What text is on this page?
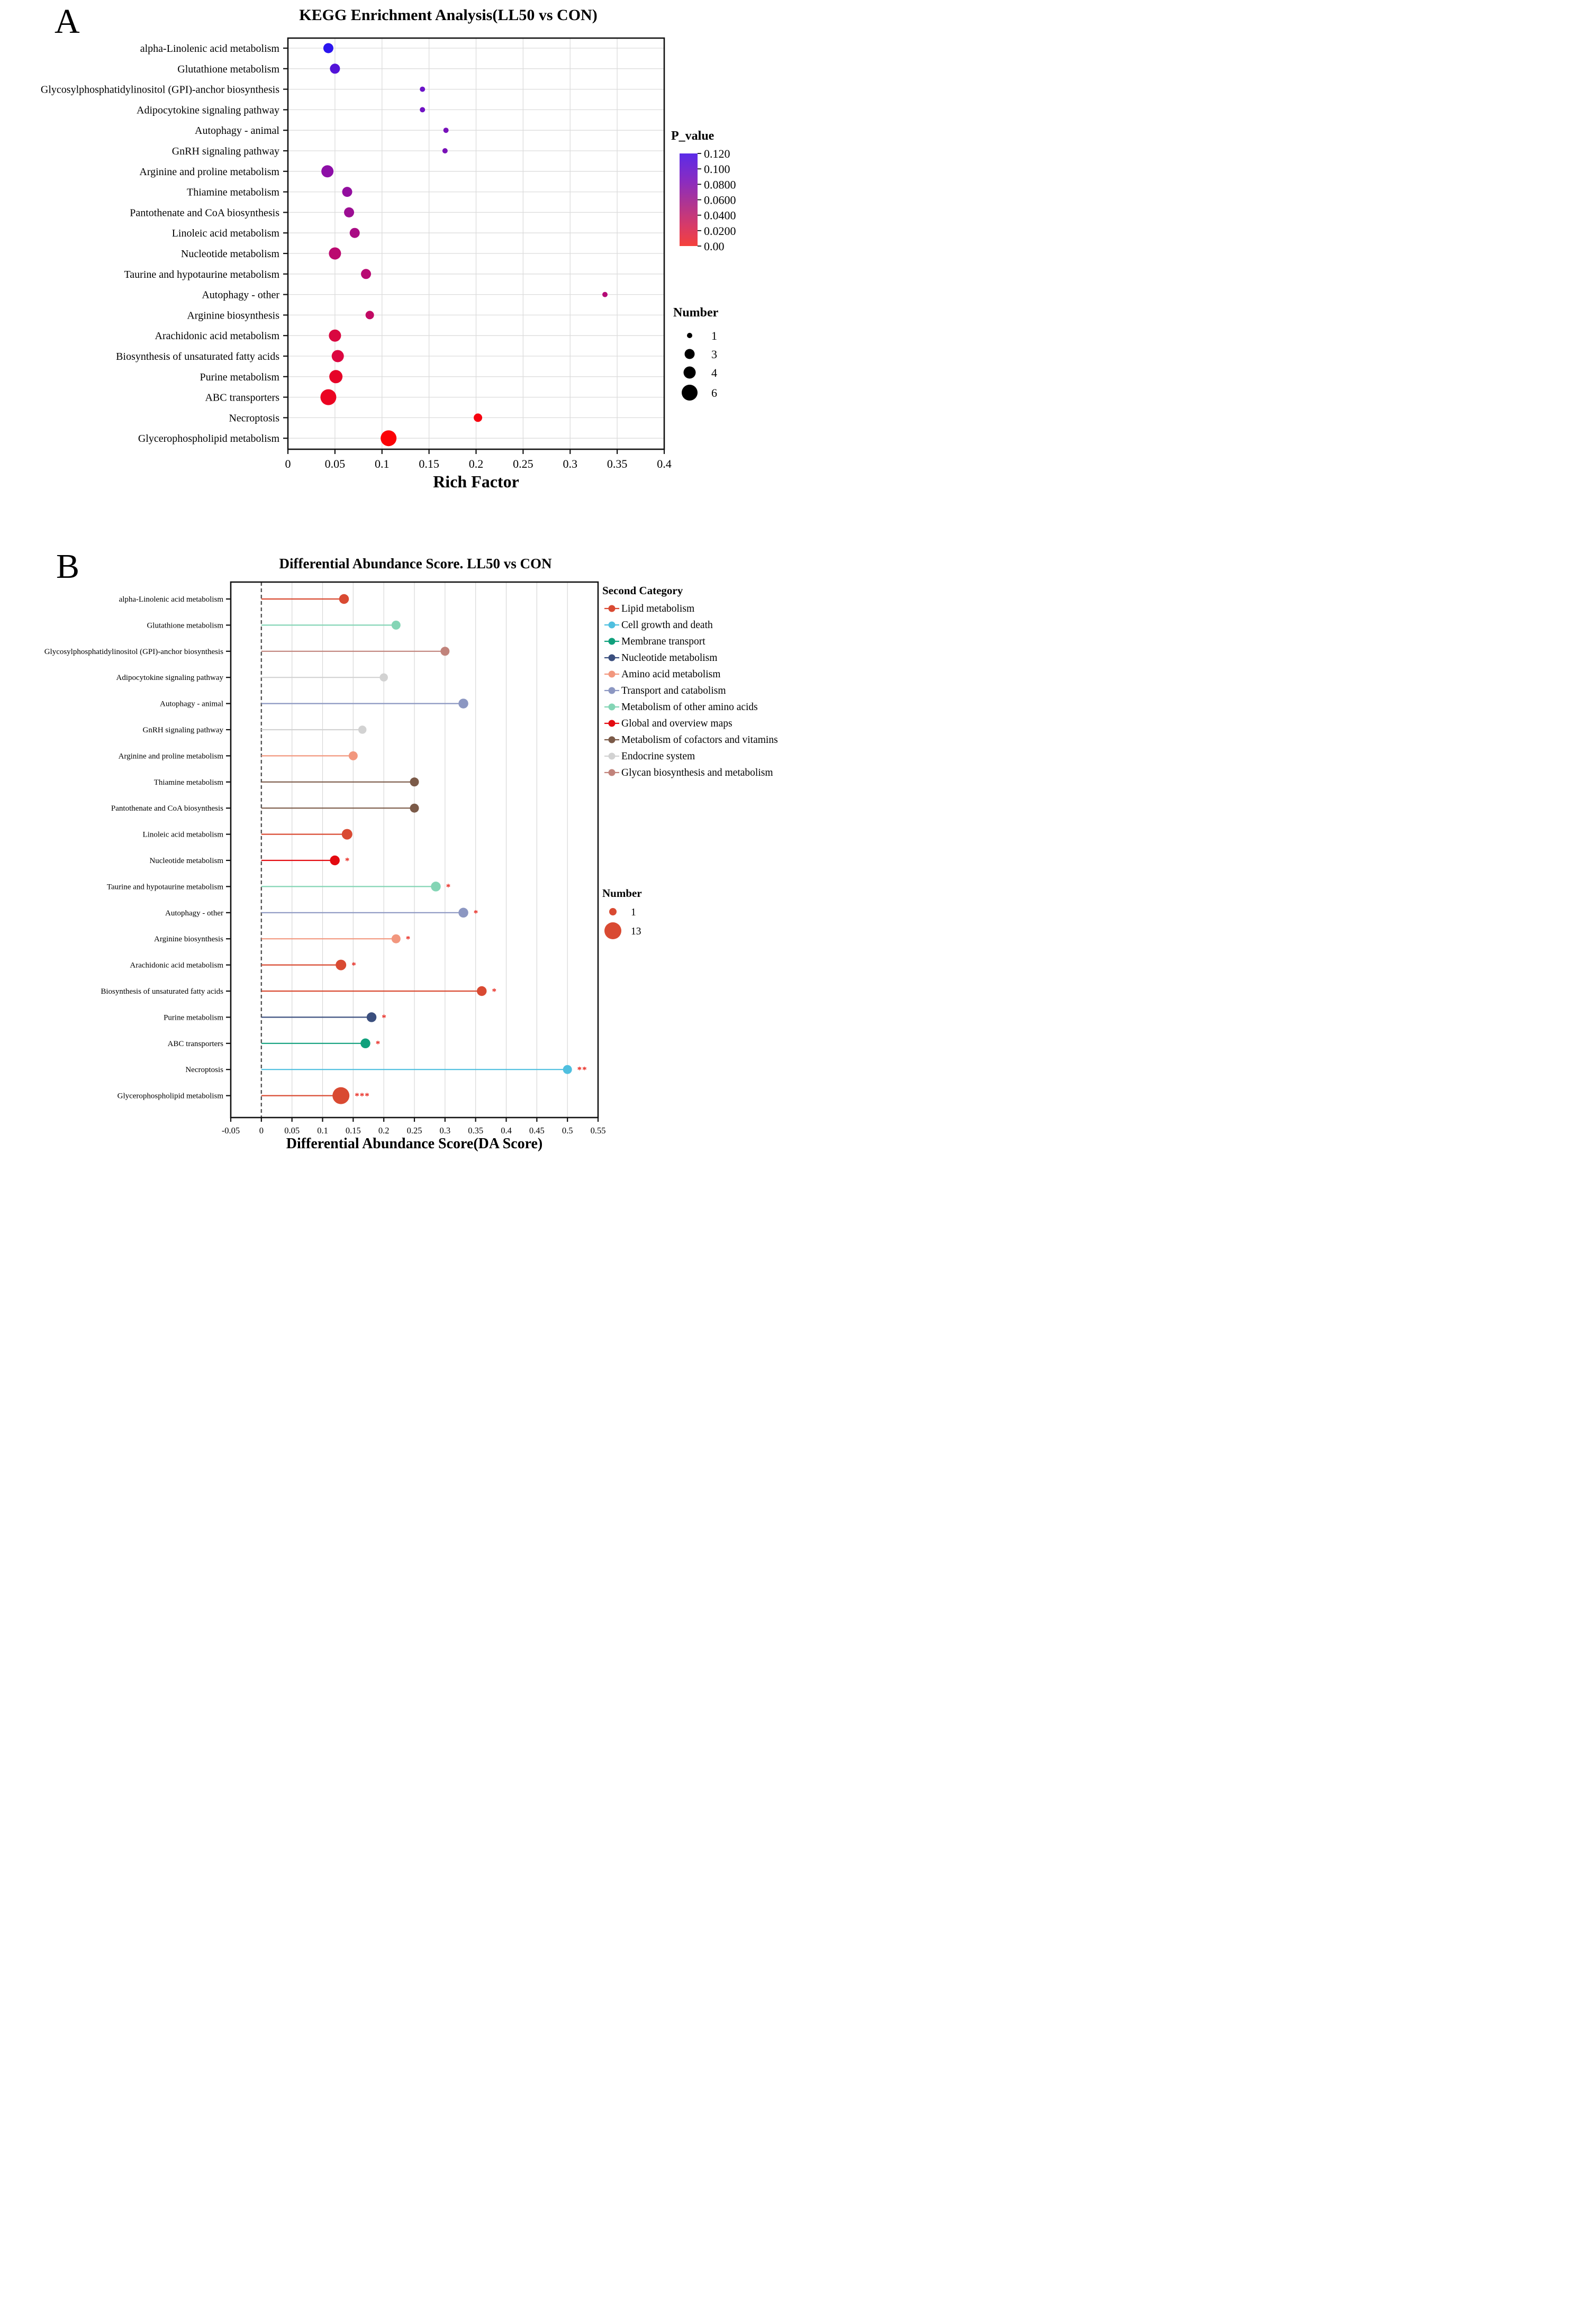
A	KEGG Enrichment Analysis(LL50 vs CON)
P_value
Number
Rich Factor
B	Differential Abundance Score. LL50 vs CON
Second Category
Number
Differential Abundance Score(DA Score)
alpha-Linolenic acid metabolism
Glutathione metabolism
Glycosylphosphatidylinositol (GPI)-anchor biosynthesis
Adipocytokine signaling pathway
Autophagy - animal
GnRH signaling pathway
Arginine and proline metabolism
Thiamine metabolism
Pantothenate and CoA biosynthesis
Linoleic acid metabolism
Nucleotide metabolism
Taurine and hypotaurine metabolism
Autophagy - other
Arginine biosynthesis
Arachidonic acid metabolism
Biosynthesis of unsaturated fatty acids
Purine metabolism
ABC transporters
Necroptosis
Glycerophospholipid metabolism
0	0.05	0.1	0.15	0.2	0.25	0.3	0.35	0.4
0.120
0.100
0.0800
0.0600
0.0400
0.0200
0.00
1
3
4
6
alpha-Linolenic acid metabolism
Glutathione metabolism
Glycosylphosphatidylinositol (GPI)-anchor biosynthesis
Adipocytokine signaling pathway
Autophagy - animal
GnRH signaling pathway
Arginine and proline metabolism
Thiamine metabolism
Pantothenate and CoA biosynthesis
Linoleic acid metabolism
Nucleotide metabolism
Taurine and hypotaurine metabolism
Autophagy - other
Arginine biosynthesis
Arachidonic acid metabolism
Biosynthesis of unsaturated fatty acids
Purine metabolism
ABC transporters
Necroptosis
Glycerophospholipid metabolism
-0.05 0 0.05 0.1 0.15 0.2 0.25 0.3 0.35 0.4 0.45 0.5 0.55
*
*
*
*
*
*
*
*
**
***
Lipid metabolism
Cell growth and death
Membrane transport
Nucleotide metabolism
Amino acid metabolism
Transport and catabolism
Metabolism of other amino acids
Global and overview maps
Metabolism of cofactors and vitamins
Endocrine system
Glycan biosynthesis and metabolism
1
13
